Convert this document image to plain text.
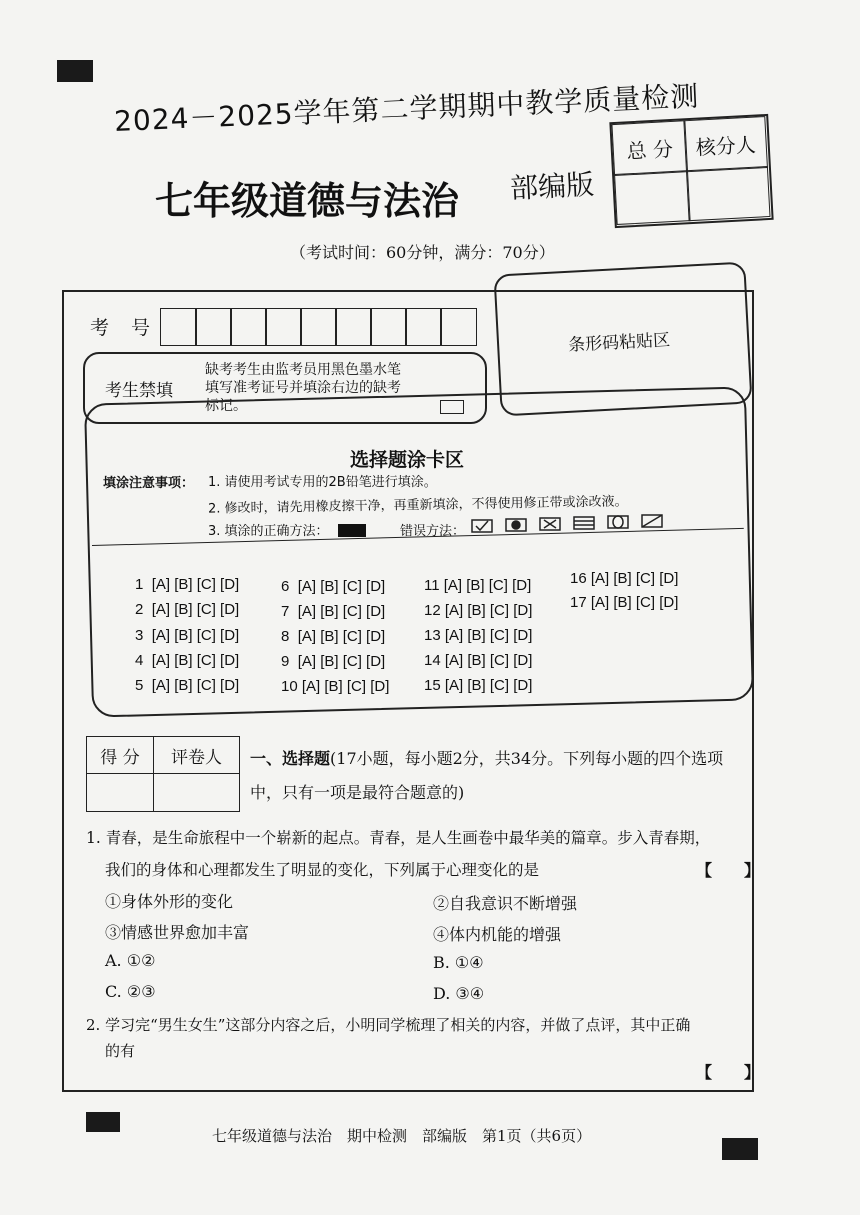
2024－2025学年第二学期期中教学质量检测
七年级道德与法治 部编版
总 分	核分人
（考试时间：60分钟，满分：70分）
考 号
条形码粘贴区
考生禁填
缺考考生由监考员用黑色墨水笔填写准考证号并填涂右边的缺考标记。
选择题涂卡区
填涂注意事项： 1. 请使用考试专用的2B铅笔进行填涂。
2. 修改时，请先用橡皮擦干净，再重新填涂，不得使用修正带或涂改液。
3. 填涂的正确方法：	错误方法：
1 [A] [B] [C] [D]
2 [A] [B] [C] [D]
3 [A] [B] [C] [D]
4 [A] [B] [C] [D]
5 [A] [B] [C] [D]
6 [A] [B] [C] [D]
7 [A] [B] [C] [D]
8 [A] [B] [C] [D]
9 [A] [B] [C] [D]
10 [A] [B] [C] [D]
11 [A] [B] [C] [D]
12 [A] [B] [C] [D]
13 [A] [B] [C] [D]
14 [A] [B] [C] [D]
15 [A] [B] [C] [D]
16 [A] [B] [C] [D]
17 [A] [B] [C] [D]
得 分	评卷人	一、选择题(17小题，每小题2分，共34分。下列每小题的四个选项
中，只有一项是最符合题意的)
1. 青春，是生命旅程中一个崭新的起点。青春，是人生画卷中最华美的篇章。步入青春期，
我们的身体和心理都发生了明显的变化，下列属于心理变化的是	【　　】
①身体外形的变化	②自我意识不断增强
③情感世界愈加丰富	④体内机能的增强
A. ①②	B. ①④
C. ②③	D. ③④
2. 学习完“男生女生”这部分内容之后，小明同学梳理了相关的内容，并做了点评，其中正确
的有
【　　】
七年级道德与法治　期中检测　部编版　第1页（共6页）
